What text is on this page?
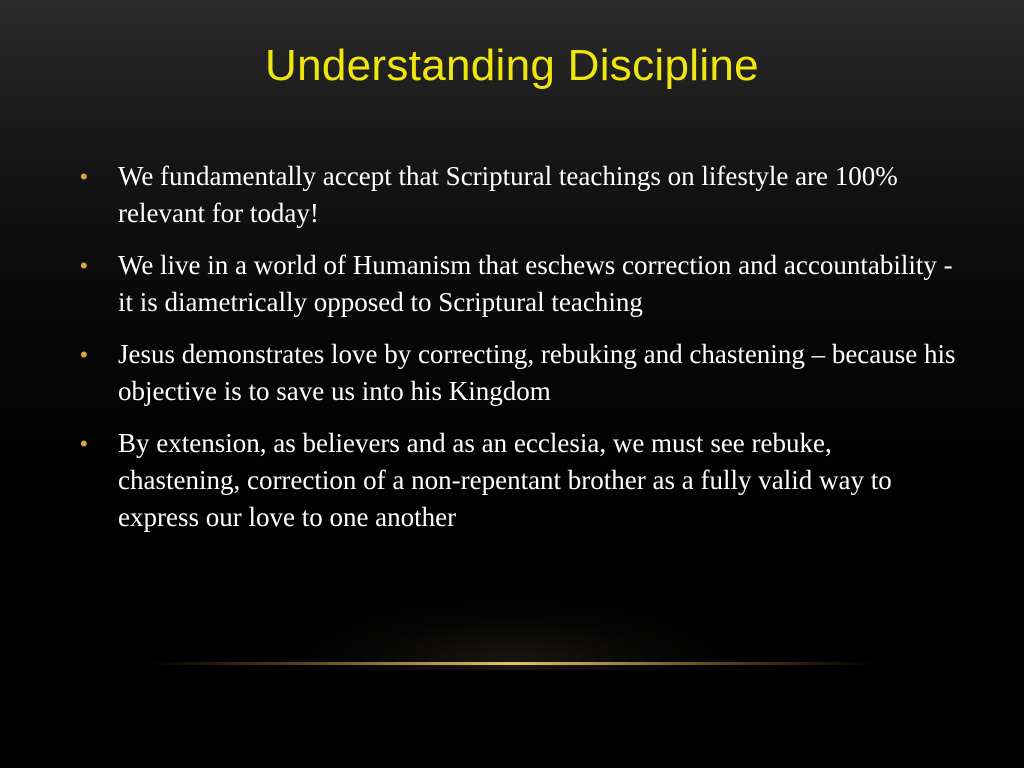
Understanding Discipline
• We fundamentally accept that Scriptural teachings on lifestyle are 100% relevant for today!
• We live in a world of Humanism that eschews correction and accountability - it is diametrically opposed to Scriptural teaching
• Jesus demonstrates love by correcting, rebuking and chastening – because his objective is to save us into his Kingdom
• By extension, as believers and as an ecclesia, we must see rebuke, chastening, correction of a non-repentant brother as a fully valid way to express our love to one another
